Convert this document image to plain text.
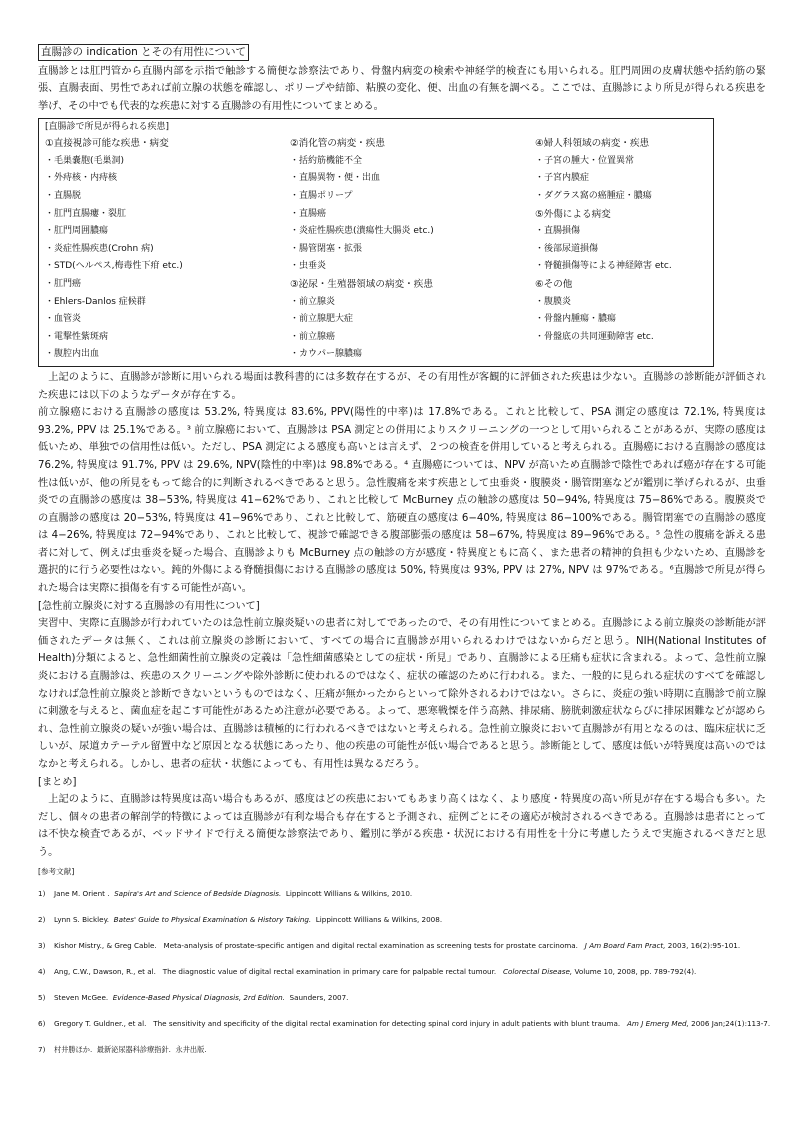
直腸診の indication とその有用性について

直腸診とは肛門管から直腸内部を示指で触診する簡便な診察法であり、骨盤内病変の検索や神経学的検査にも用いられる。肛門周囲の皮膚状態や括約筋の緊張、直腸表面、男性であれば前立腺の状態を確認し、ポリープや結節、粘膜の変化、便、出血の有無を調べる。ここでは、直腸診により所見が得られる疾患を挙げ、その中でも代表的な疾患に対する直腸診の有用性についてまとめる。

[直腸診で所見が得られる疾患]
①直接視診可能な疾患・病変
・毛巣嚢胞(毛巣洞)
・外痔核・内痔核
・直腸脱
・肛門直腸瘻・裂肛
・肛門周囲膿瘍
・炎症性腸疾患(Crohn 病)
・STD(ヘルペス,梅毒性下疳 etc.)
・肛門癌
・Ehlers-Danlos 症候群
・血管炎
・電撃性紫斑病
・腹腔内出血
②消化管の病変・疾患
・括約筋機能不全
・直腸異物・便・出血
・直腸ポリープ
・直腸癌
・炎症性腸疾患(潰瘍性大腸炎 etc.)
・腸管閉塞・拡張
・虫垂炎
③泌尿・生殖器領域の病変・疾患
・前立腺炎
・前立腺肥大症
・前立腺癌
・カウパー腺膿瘍
④婦人科領域の病変・疾患
・子宮の腫大・位置異常
・子宮内膜症
・ダグラス窩の癌腫症・膿瘍
⑤外傷による病変
・直腸損傷
・後部尿道損傷
・脊髄損傷等による神経障害 etc.
⑥その他
・腹膜炎
・骨盤内腫瘍・膿瘍
・骨盤底の共同運動障害 etc.

　上記のように、直腸診が診断に用いられる場面は教科書的には多数存在するが、その有用性が客観的に評価された疾患は少ない。直腸診の診断能が評価された疾患には以下のようなデータが存在する。

前立腺癌における直腸診の感度は 53.2%, 特異度は 83.6%, PPV(陽性的中率)は 17.8%である。これと比較して、PSA 測定の感度は 72.1%, 特異度は 93.2%, PPV は 25.1%である。³ 前立腺癌において、直腸診は PSA 測定との併用によりスクリーニングの一つとして用いられることがあるが、実際の感度は低いため、単独での信用性は低い。ただし、PSA 測定による感度も高いとは言えず、２つの検査を併用していると考えられる。直腸癌における直腸診の感度は 76.2%, 特異度は 91.7%, PPV は 29.6%, NPV(陰性的中率)は 98.8%である。⁴ 直腸癌については、NPV が高いため直腸診で陰性であれば癌が存在する可能性は低いが、他の所見をもって総合的に判断されるべきであると思う。急性腹痛を来す疾患として虫垂炎・腹膜炎・腸管閉塞などが鑑別に挙げられるが、虫垂炎での直腸診の感度は 38−53%, 特異度は 41−62%であり、これと比較して McBurney 点の触診の感度は 50−94%, 特異度は 75−86%である。腹膜炎での直腸診の感度は 20−53%, 特異度は 41−96%であり、これと比較して、筋硬直の感度は 6−40%, 特異度は 86−100%である。腸管閉塞での直腸診の感度は 4−26%, 特異度は 72−94%であり、これと比較して、視診で確認できる腹部膨張の感度は 58−67%, 特異度は 89−96%である。⁵ 急性の腹痛を訴える患者に対して、例えば虫垂炎を疑った場合、直腸診よりも McBurney 点の触診の方が感度・特異度ともに高く、また患者の精神的負担も少ないため、直腸診を選択的に行う必要性はない。鈍的外傷による脊髄損傷における直腸診の感度は 50%, 特異度は 93%, PPV は 27%, NPV は 97%である。⁶直腸診で所見が得られた場合は実際に損傷を有する可能性が高い。

[急性前立腺炎に対する直腸診の有用性について]

実習中、実際に直腸診が行われていたのは急性前立腺炎疑いの患者に対してであったので、その有用性についてまとめる。直腸診による前立腺炎の診断能が評価されたデータは無く、これは前立腺炎の診断において、すべての場合に直腸診が用いられるわけではないからだと思う。NIH(National Institutes of Health)分類によると、急性細菌性前立腺炎の定義は「急性細菌感染としての症状・所見」であり、直腸診による圧痛も症状に含まれる。よって、急性前立腺炎における直腸診は、疾患のスクリーニングや除外診断に使われるのではなく、症状の確認のために行われる。また、一般的に見られる症状のすべてを確認しなければ急性前立腺炎と診断できないというものではなく、圧痛が無かったからといって除外されるわけではない。さらに、炎症の強い時期に直腸診で前立腺に刺激を与えると、菌血症を起こす可能性があるため注意が必要である。よって、悪寒戦慄を伴う高熱、排尿痛、膀胱刺激症状ならびに排尿困難などが認められ、急性前立腺炎の疑いが強い場合は、直腸診は積極的に行われるべきではないと考えられる。急性前立腺炎において直腸診が有用となるのは、臨床症状に乏しいが、尿道カテーテル留置中など原因となる状態にあったり、他の疾患の可能性が低い場合であると思う。診断能として、感度は低いが特異度は高いのではなかと考えられる。しかし、患者の症状・状態によっても、有用性は異なるだろう。

[まとめ]

　上記のように、直腸診は特異度は高い場合もあるが、感度はどの疾患においてもあまり高くはなく、より感度・特異度の高い所見が存在する場合も多い。ただし、個々の患者の解剖学的特徴によっては直腸診が有利な場合も存在すると予測され、症例ごとにその適応が検討されるべきである。直腸診は患者にとっては不快な検査であるが、ベッドサイドで行える簡便な診察法であり、鑑別に挙がる疾患・状況における有用性を十分に考慮したうえで実施されるべきだと思う。

[参考文献]
1) Jane M. Orient .  Sapira's Art and Science of Bedside Diagnosis.  Lippincott Willians & Wilkins, 2010.
2) Lynn S. Bickley.  Bates' Guide to Physical Examination & History Taking.  Lippincott Willians & Wilkins, 2008.
3) Kishor Mistry., & Greg Cable.   Meta-analysis of prostate-specific antigen and digital rectal examination as screening tests for prostate carcinoma.   J Am Board Fam Pract, 2003, 16(2):95-101.
4) Ang, C.W., Dawson, R., et al.   The diagnostic value of digital rectal examination in primary care for palpable rectal tumour.   Colorectal Disease, Volume 10, 2008, pp. 789-792(4).
5) Steven McGee.  Evidence-Based Physical Diagnosis, 2rd Edition.  Saunders, 2007.
6) Gregory T. Guldner., et al.   The sensitivity and specificity of the digital rectal examination for detecting spinal cord injury in adult patients with blunt trauma.   Am J Emerg Med, 2006 Jan;24(1):113-7.
7) 村井勝ほか.  最新泌尿器科診療指針.  永井出版.
